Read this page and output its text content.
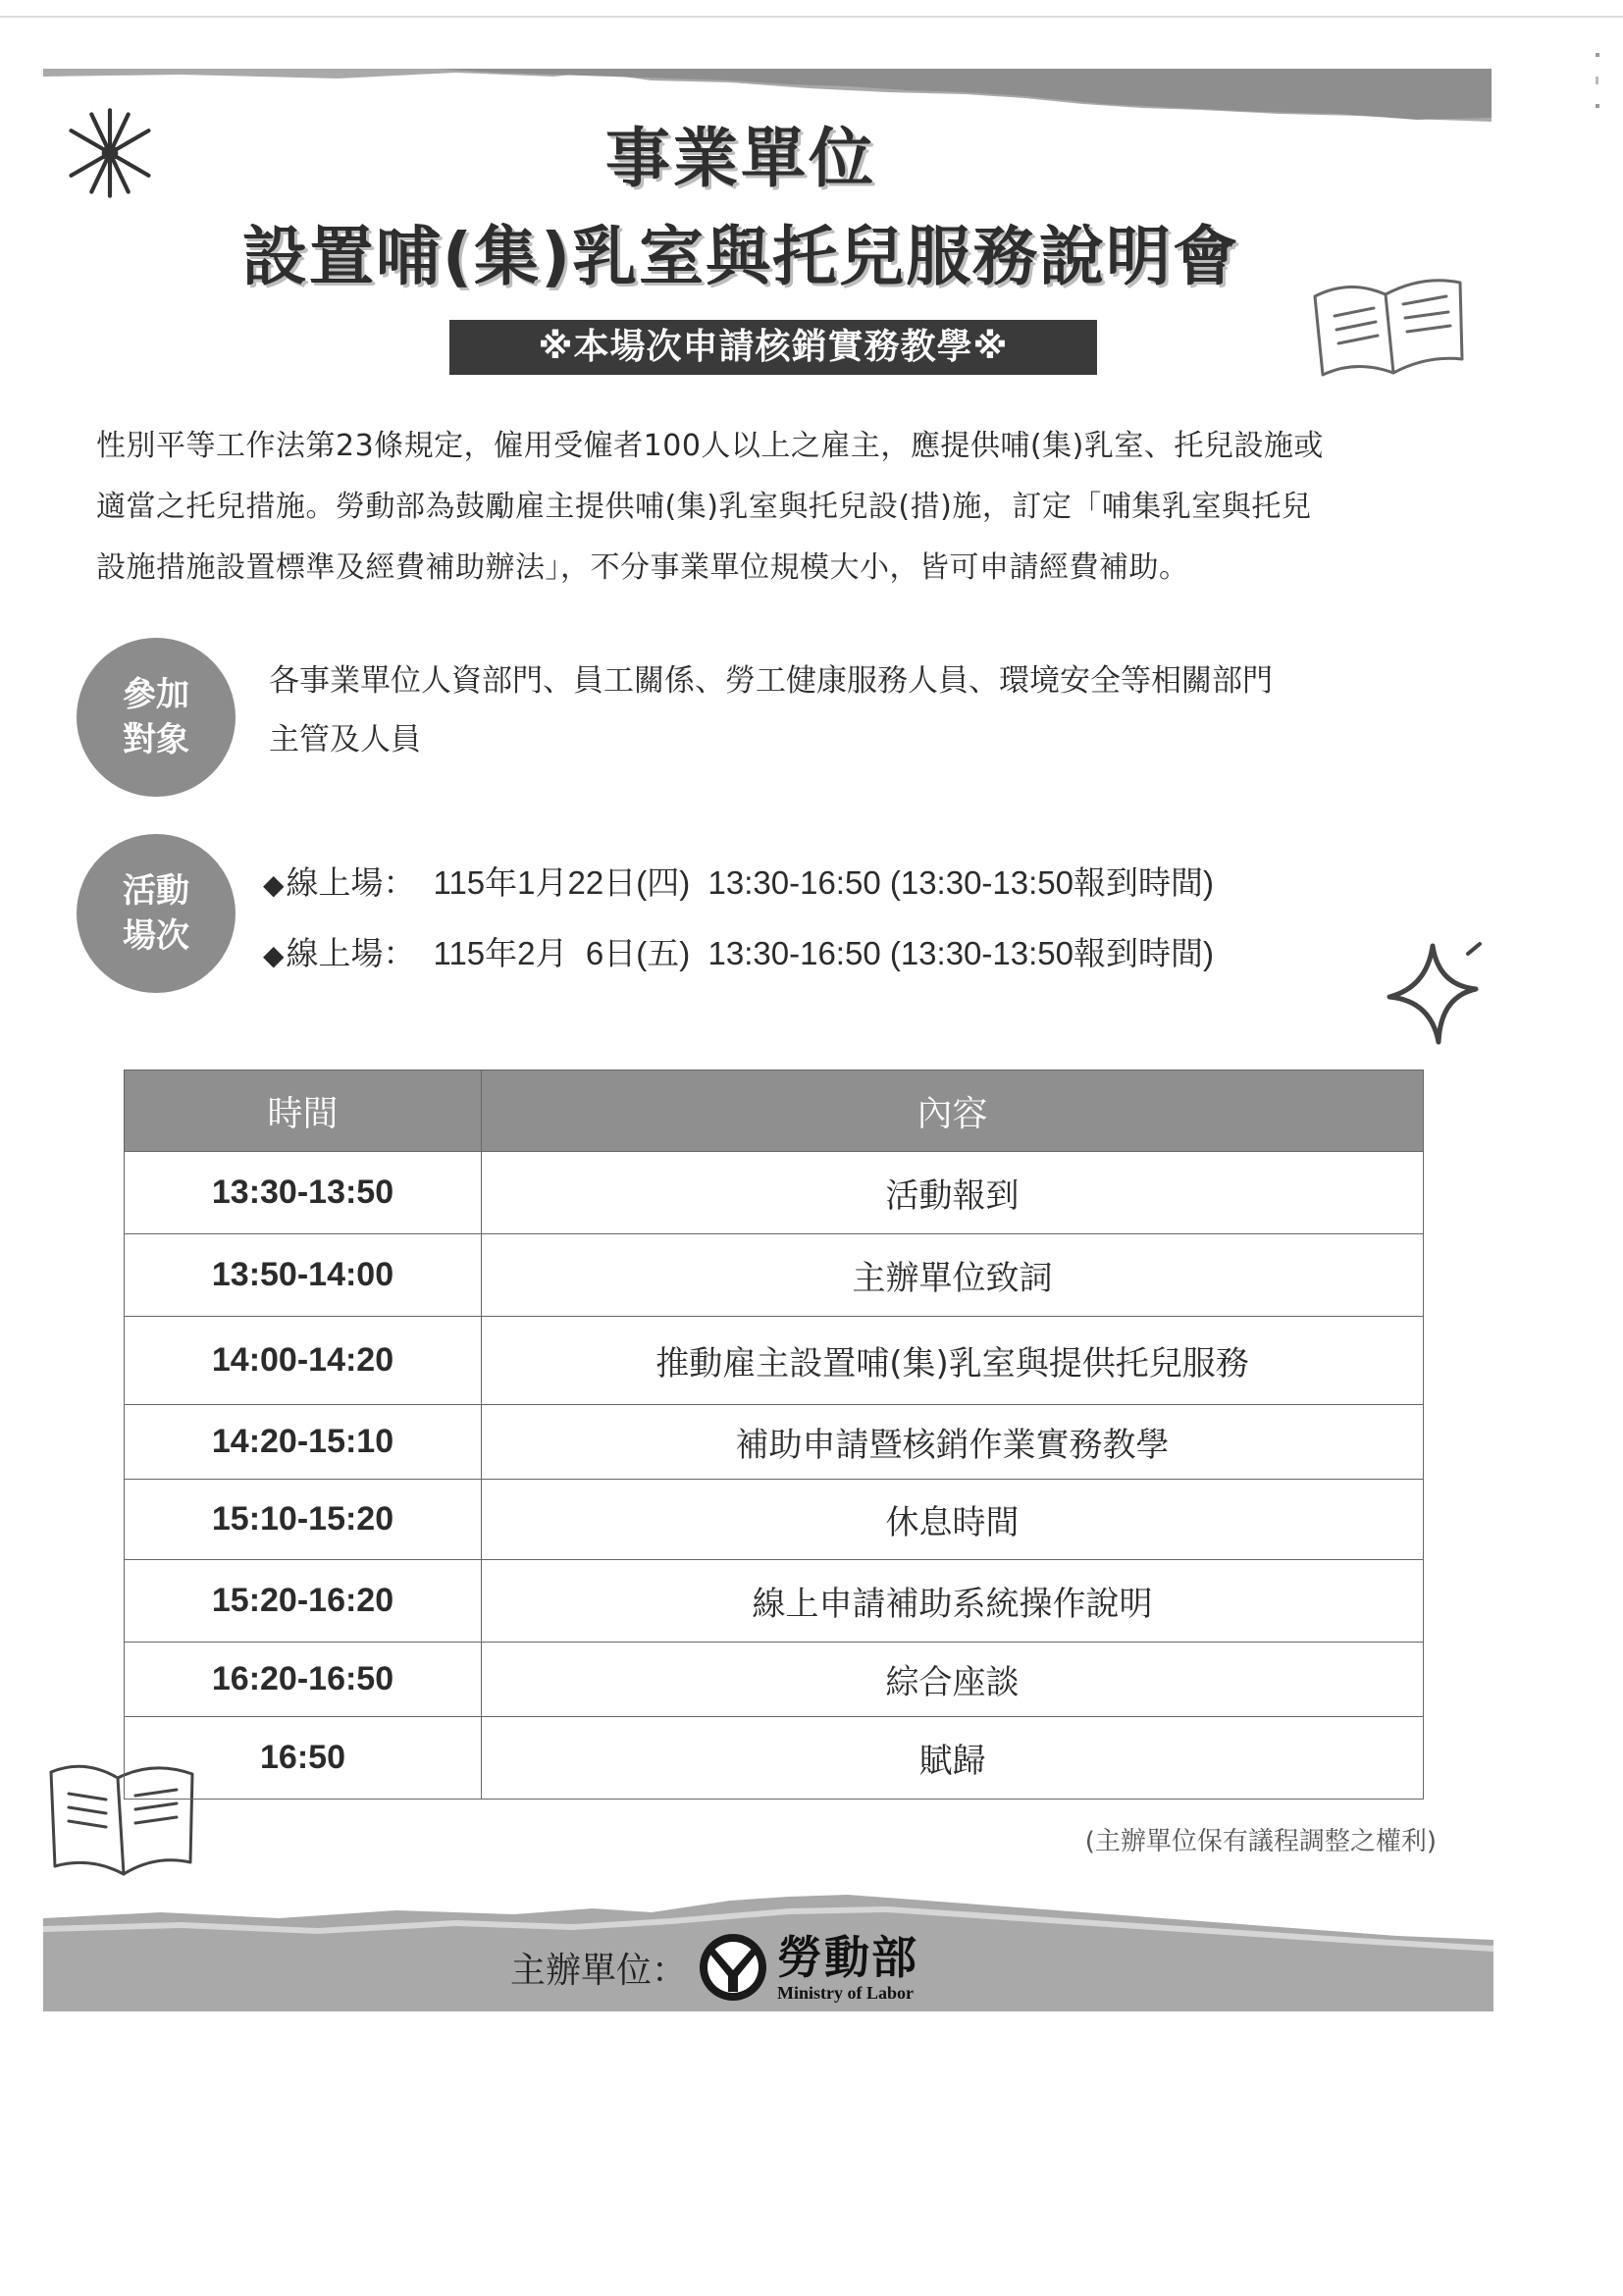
事業單位
設置哺(集)乳室與托兒服務說明會
※本場次申請核銷實務教學※
性別平等工作法第23條規定，僱用受僱者100人以上之雇主，應提供哺(集)乳室、托兒設施或
適當之托兒措施。勞動部為鼓勵雇主提供哺(集)乳室與托兒設(措)施，訂定「哺集乳室與托兒
設施措施設置標準及經費補助辦法」，不分事業單位規模大小，皆可申請經費補助。
參加
對象
各事業單位人資部門、員工關係、勞工健康服務人員、環境安全等相關部門
主管及人員
活動
場次
◆線上場： 115年1月22日(四)  13:30-16:50 (13:30-13:50報到時間)
◆線上場： 115年2月  6日(五)  13:30-16:50 (13:30-13:50報到時間)
時間	內容
13:30-13:50	活動報到
13:50-14:00	主辦單位致詞
14:00-14:20	推動雇主設置哺(集)乳室與提供托兒服務
14:20-15:10	補助申請暨核銷作業實務教學
15:10-15:20	休息時間
15:20-16:20	線上申請補助系統操作說明
16:20-16:50	綜合座談
16:50	賦歸
(主辦單位保有議程調整之權利)
主辦單位： 勞動部
Ministry of Labor
